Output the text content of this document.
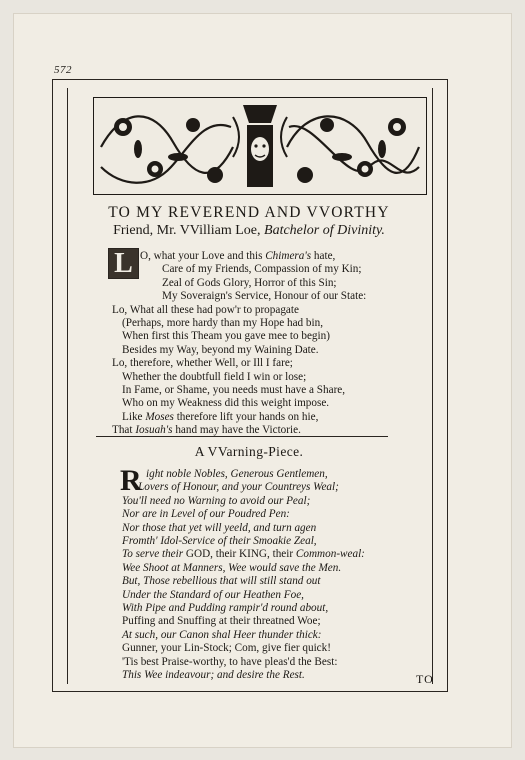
572
TO MY REVEREND AND VVORTHY
Friend, Mr. VVilliam Loe, Batchelor of Divinity.
L O, what your Love and this Chimera's hate,
Care of my Friends, Compassion of my Kin;
Zeal of Gods Glory, Horror of this Sin;
My Soveraign's Service, Honour of our State:
Lo, What all these had pow'r to propagate
(Perhaps, more hardy than my Hope had bin,
When first this Theam you gave mee to begin)
Besides my Way, beyond my Waining Date.
Lo, therefore, whether Well, or Ill I fare;
Whether the doubtfull field I win or lose;
In Fame, or Shame, you needs must have a Share,
Who on my Weakness did this weight impose.
Like Moses therefore lift your hands on hie,
That Iosuah's hand may have the Victorie.
A VVarning-Piece.
R ight noble Nobles, Generous Gentlemen,
Lovers of Honour, and your Countreys Weal;
You'll need no Warning to avoid our Peal;
Nor are in Level of our Poudred Pen:
Nor those that yet will yeeld, and turn agen
Fromth' Idol-Service of their Smoakie Zeal,
To serve their GOD, their KING, their Common-weal:
Wee Shoot at Manners, Wee would save the Men.
But, Those rebellious that will still stand out
Under the Standard of our Heathen Foe,
With Pipe and Pudding rampir'd round about,
Puffing and Snuffing at their threatned Woe;
At such, our Canon shal Heer thunder thick:
Gunner, your Lin-Stock; Com, give fier quick!
'Tis best Praise-worthy, to have pleas'd the Best:
This Wee indeavour; and desire the Rest.	TO
